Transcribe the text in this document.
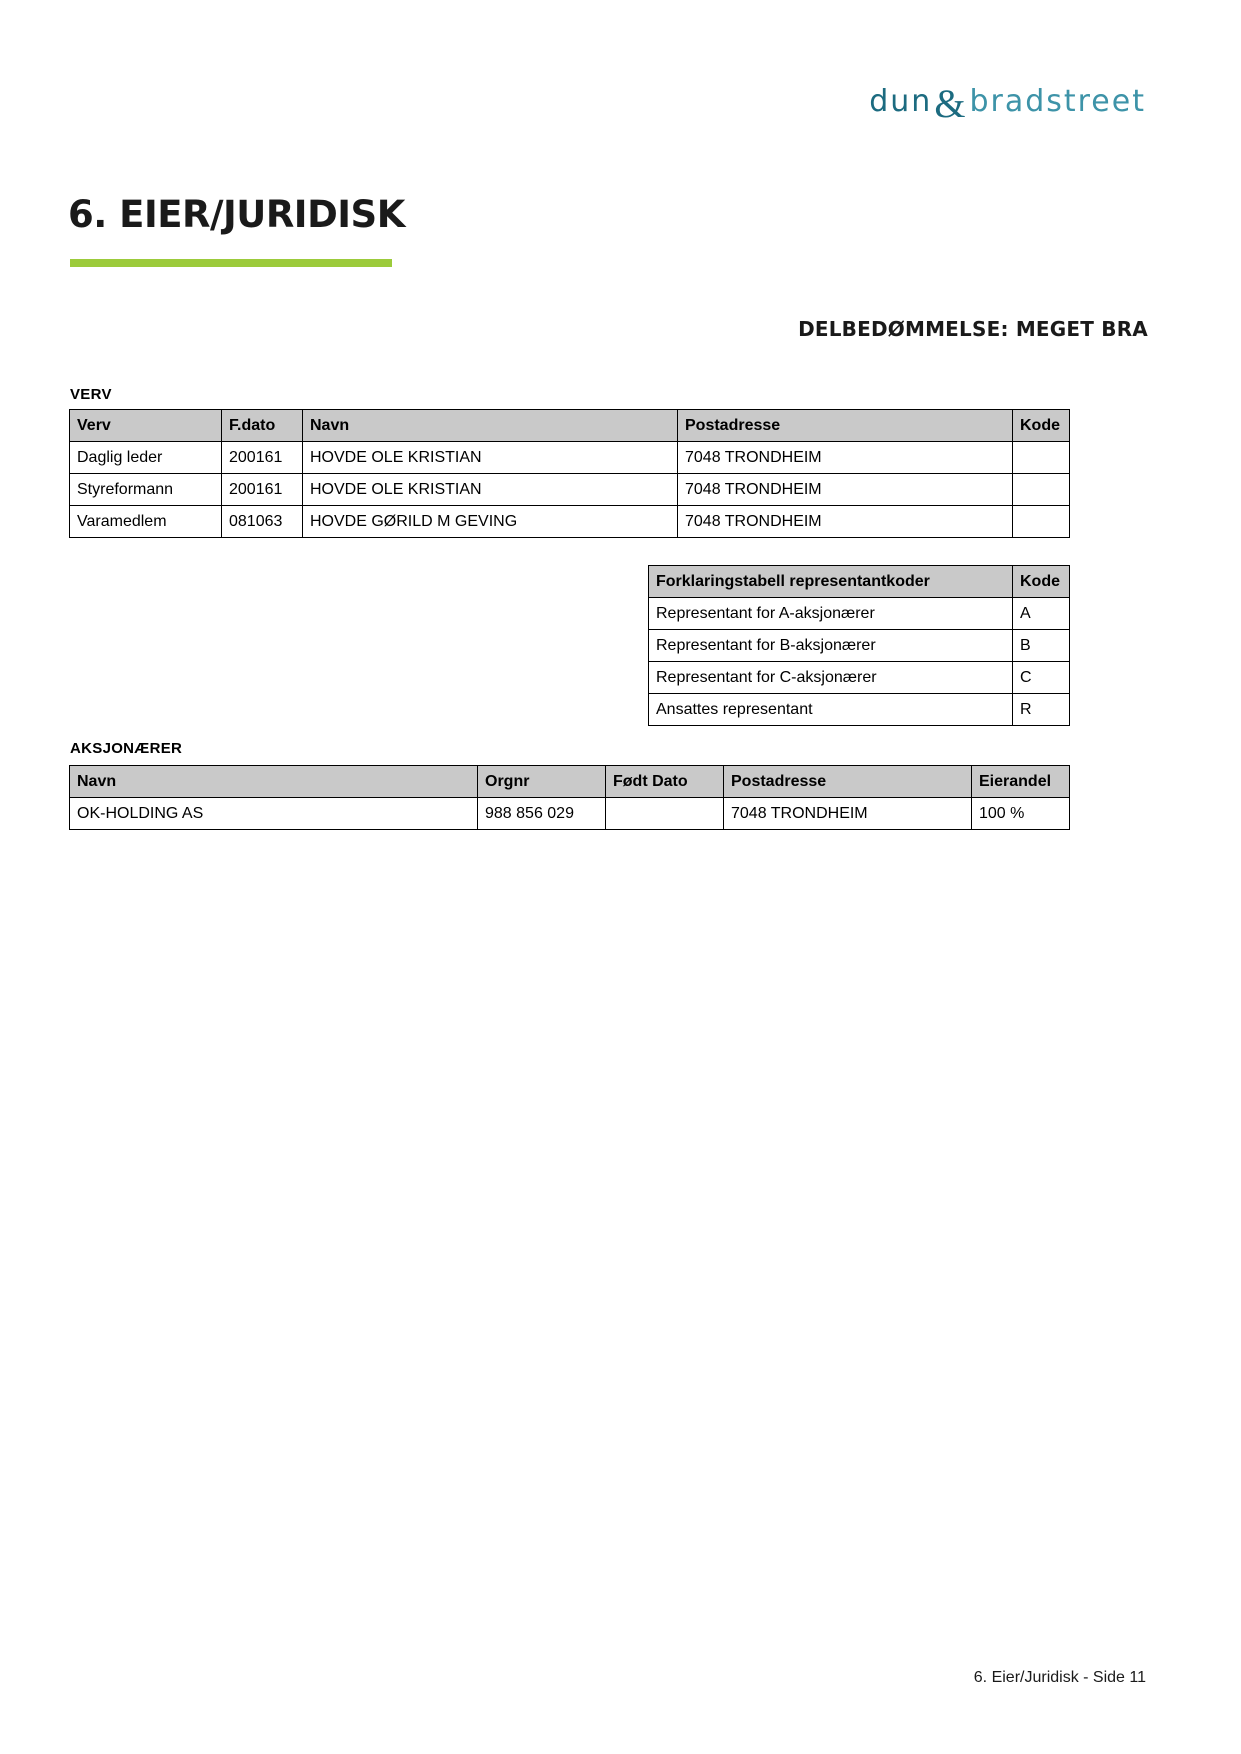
dun & bradstreet
6. EIER/JURIDISK
DELBEDØMMELSE: MEGET BRA
VERV
Verv	F.dato	Navn	Postadresse	Kode
Daglig leder	200161	HOVDE OLE KRISTIAN	7048 TRONDHEIM	
Styreformann	200161	HOVDE OLE KRISTIAN	7048 TRONDHEIM	
Varamedlem	081063	HOVDE GØRILD M GEVING	7048 TRONDHEIM	
Forklaringstabell representantkoder	Kode
Representant for A-aksjonærer	A
Representant for B-aksjonærer	B
Representant for C-aksjonærer	C
Ansattes representant	R
AKSJONÆRER
Navn	Orgnr	Født Dato	Postadresse	Eierandel
OK-HOLDING AS	988 856 029		7048 TRONDHEIM	100 %
6. Eier/Juridisk - Side 11
